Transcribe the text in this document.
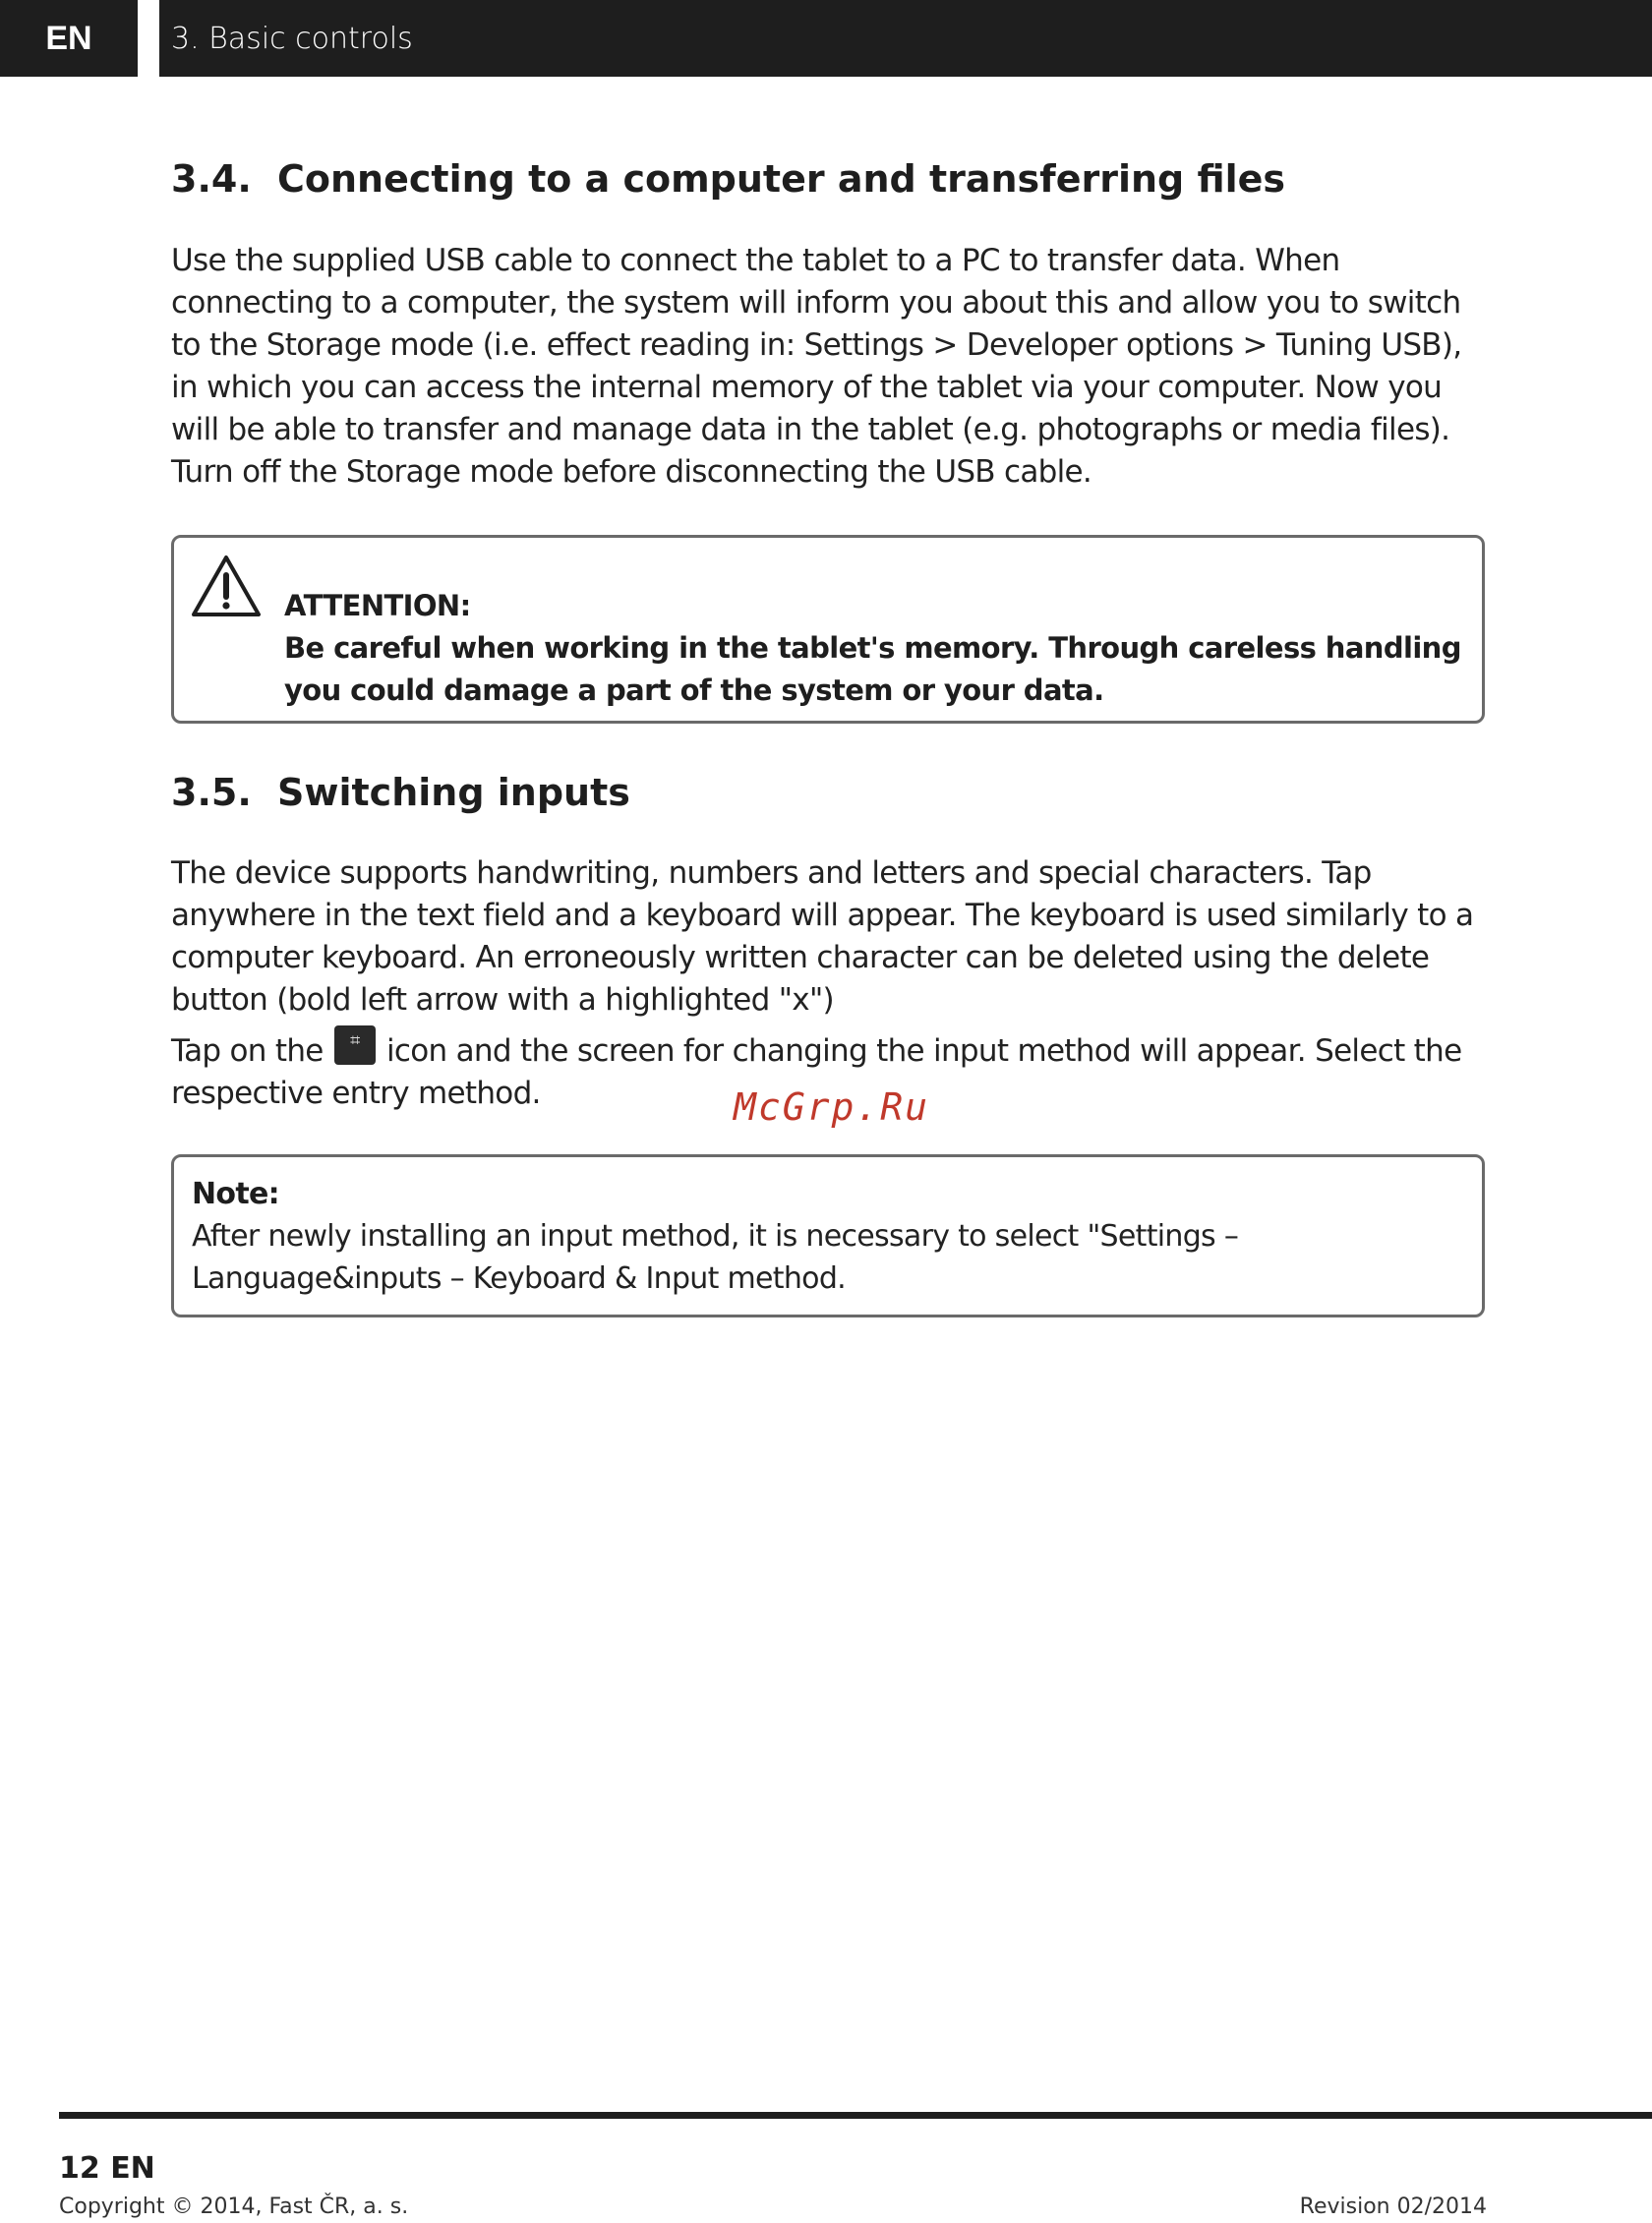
EN	3. Basic controls
3.4. Connecting to a computer and transferring files

Use the supplied USB cable to connect the tablet to a PC to transfer data. When connecting to a computer, the system will inform you about this and allow you to switch to the Storage mode (i.e. effect reading in: Settings > Developer options > Tuning USB), in which you can access the internal memory of the tablet via your computer. Now you will be able to transfer and manage data in the tablet (e.g. photographs or media files).

Turn off the Storage mode before disconnecting the USB cable.

ATTENTION:
Be careful when working in the tablet's memory. Through careless handling you could damage a part of the system or your data.
3.5. Switching inputs

The device supports handwriting, numbers and letters and special characters. Tap anywhere in the text field and a keyboard will appear. The keyboard is used similarly to a computer keyboard. An erroneously written character can be deleted using the delete button (bold left arrow with a highlighted "x")

Tap on the	⌗ icon and the screen for changing the input method will appear. Select the respective entry method.	McGrp.Ru
Note:
After newly installing an input method, it is necessary to select "Settings – Language&inputs – Keyboard & Input method.
12 EN
Copyright © 2014, Fast ČR, a. s.	Revision 02/2014
